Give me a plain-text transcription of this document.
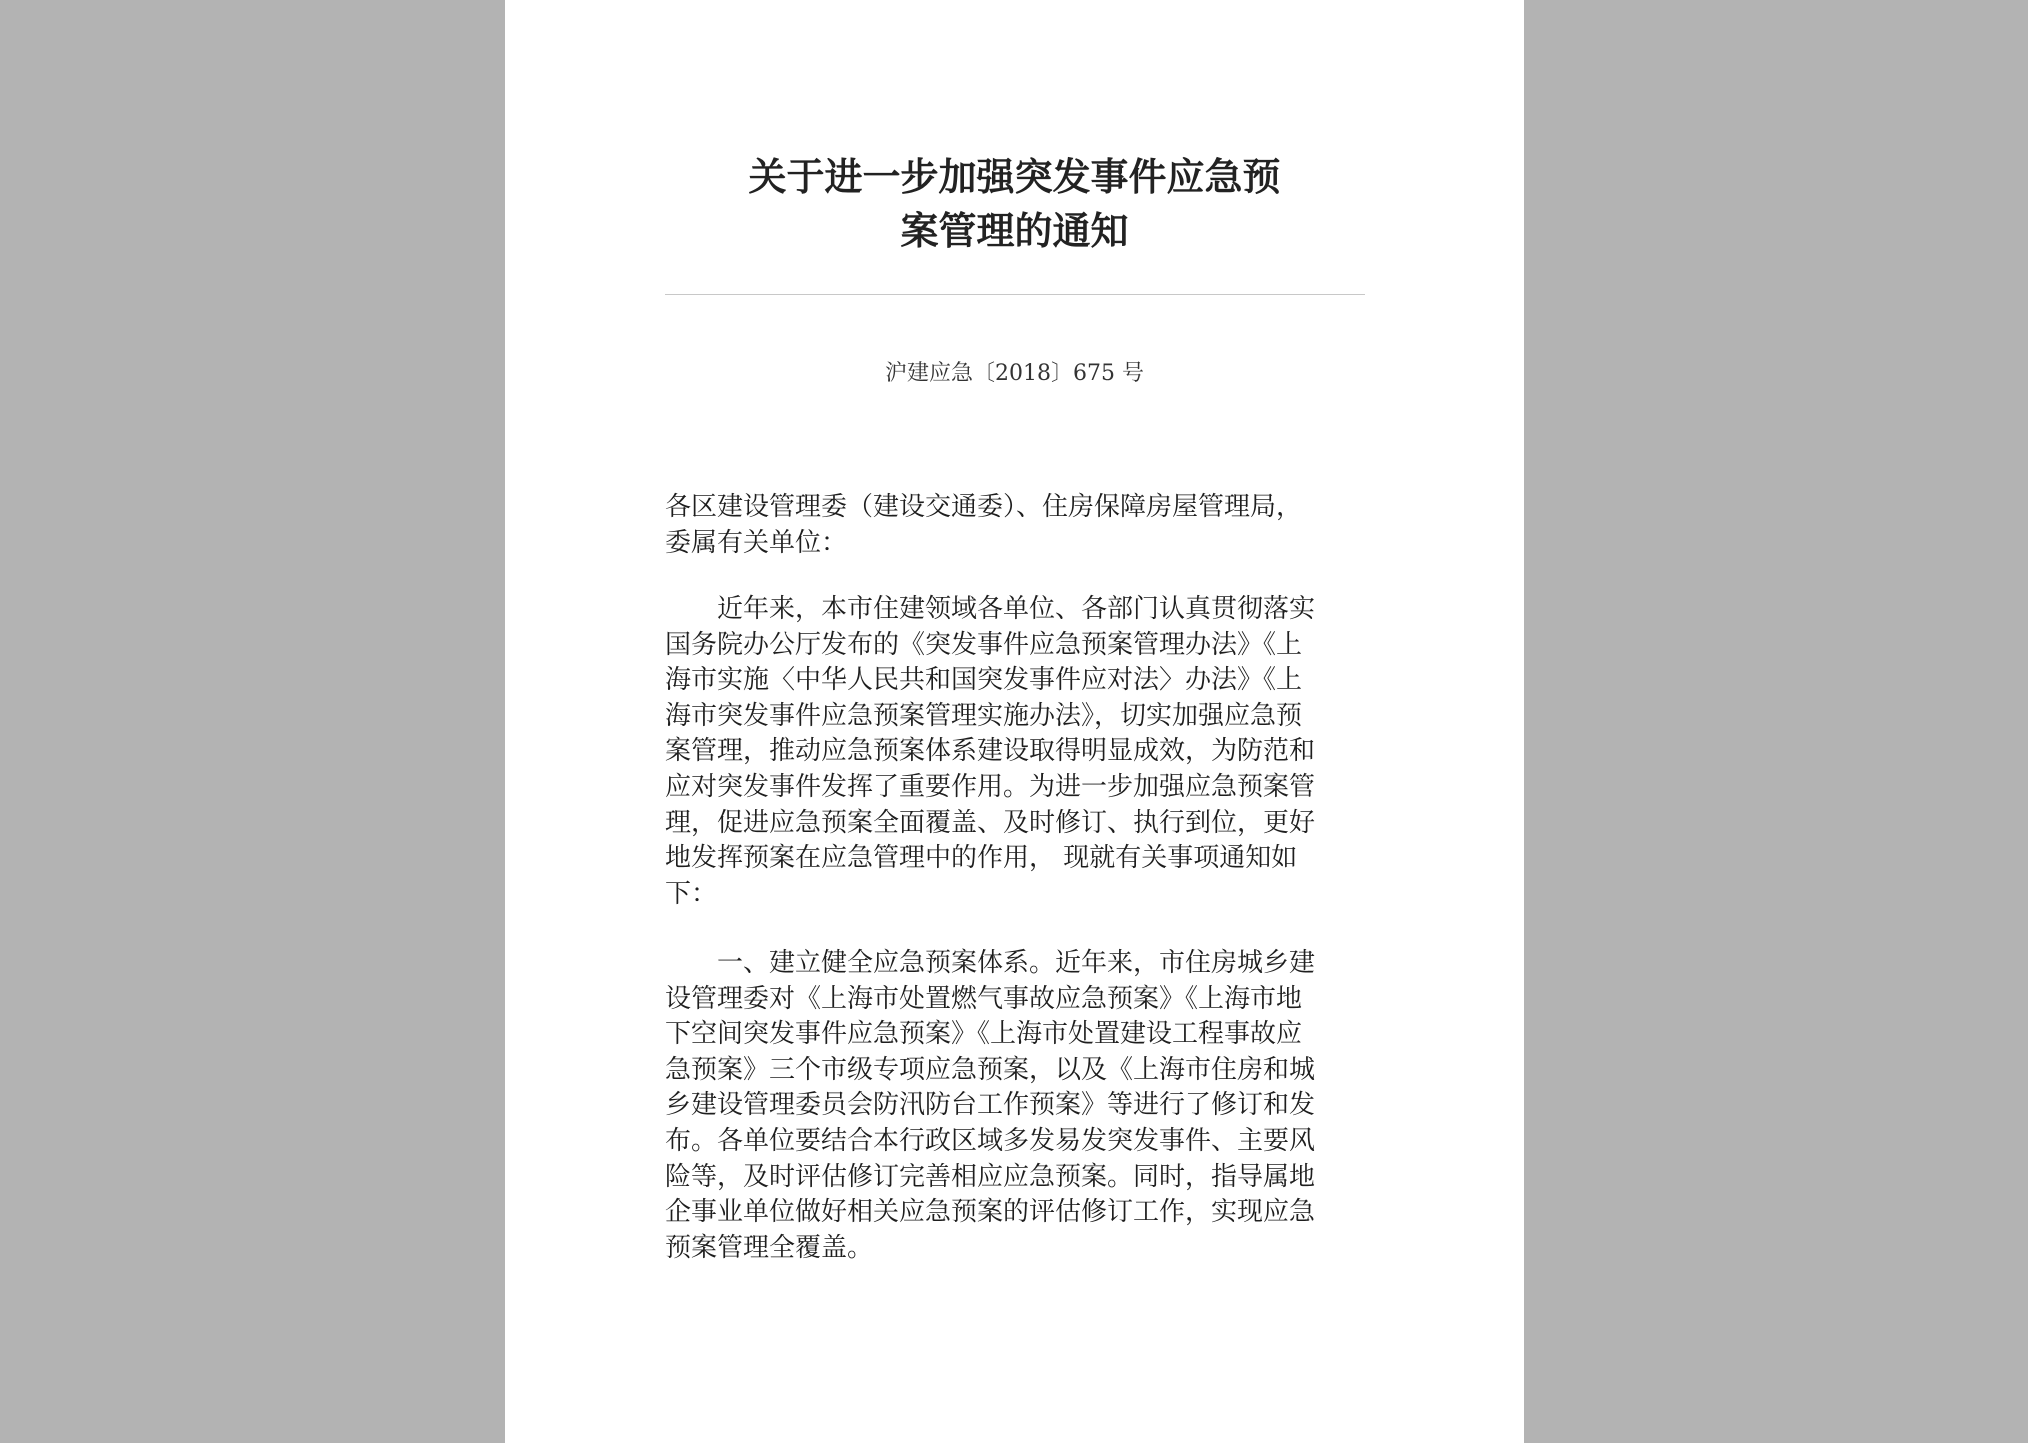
关于进一步加强突发事件应急预
案管理的通知
沪建应急〔2018〕675 号
各区建设管理委（建设交通委）、住房保障房屋管理局，
委属有关单位：
　　近年来，本市住建领域各单位、各部门认真贯彻落实
国务院办公厅发布的《突发事件应急预案管理办法》《上
海市实施〈中华人民共和国突发事件应对法〉办法》《上
海市突发事件应急预案管理实施办法》，切实加强应急预
案管理，推动应急预案体系建设取得明显成效，为防范和
应对突发事件发挥了重要作用。为进一步加强应急预案管
理，促进应急预案全面覆盖、及时修订、执行到位，更好
地发挥预案在应急管理中的作用， 现就有关事项通知如
下：
　　一、建立健全应急预案体系。近年来，市住房城乡建
设管理委对《上海市处置燃气事故应急预案》《上海市地
下空间突发事件应急预案》《上海市处置建设工程事故应
急预案》三个市级专项应急预案，以及《上海市住房和城
乡建设管理委员会防汛防台工作预案》等进行了修订和发
布。各单位要结合本行政区域多发易发突发事件、主要风
险等，及时评估修订完善相应应急预案。同时，指导属地
企事业单位做好相关应急预案的评估修订工作，实现应急
预案管理全覆盖。
